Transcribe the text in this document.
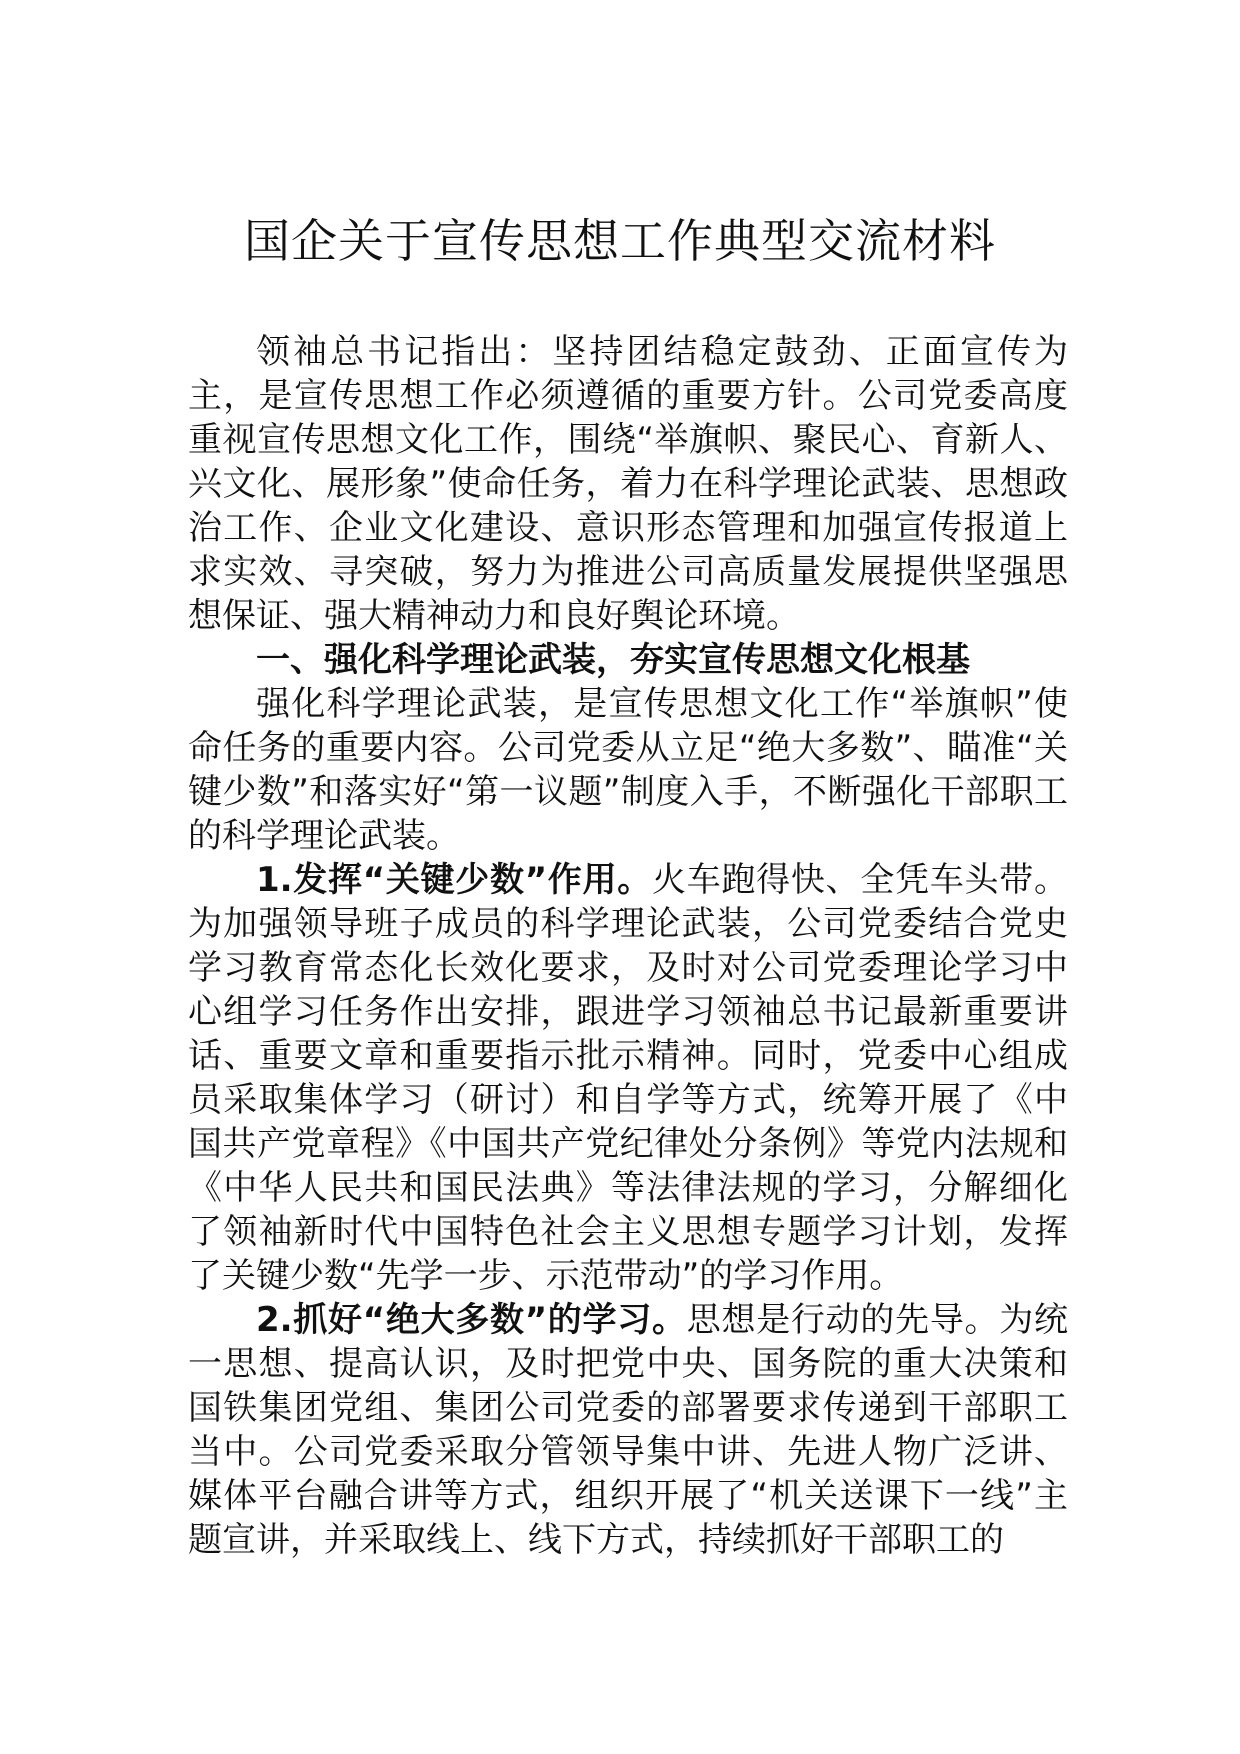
国企关于宣传思想工作典型交流材料

领袖总书记指出：坚持团结稳定鼓劲、正面宣传为主，是宣传思想工作必须遵循的重要方针。公司党委高度重视宣传思想文化工作，围绕“举旗帜、聚民心、育新人、兴文化、展形象”使命任务，着力在科学理论武装、思想政治工作、企业文化建设、意识形态管理和加强宣传报道上求实效、寻突破，努力为推进公司高质量发展提供坚强思想保证、强大精神动力和良好舆论环境。

一、强化科学理论武装，夯实宣传思想文化根基

强化科学理论武装，是宣传思想文化工作“举旗帜”使命任务的重要内容。公司党委从立足“绝大多数”、瞄准“关键少数”和落实好“第一议题”制度入手，不断强化干部职工的科学理论武装。

1.发挥“关键少数”作用。火车跑得快、全凭车头带。为加强领导班子成员的科学理论武装，公司党委结合党史学习教育常态化长效化要求，及时对公司党委理论学习中心组学习任务作出安排，跟进学习领袖总书记最新重要讲话、重要文章和重要指示批示精神。同时，党委中心组成员采取集体学习（研讨）和自学等方式，统筹开展了《中国共产党章程》《中国共产党纪律处分条例》等党内法规和《中华人民共和国民法典》等法律法规的学习，分解细化了领袖新时代中国特色社会主义思想专题学习计划，发挥了关键少数“先学一步、示范带动”的学习作用。

2.抓好“绝大多数”的学习。思想是行动的先导。为统一思想、提高认识，及时把党中央、国务院的重大决策和国铁集团党组、集团公司党委的部署要求传递到干部职工当中。公司党委采取分管领导集中讲、先进人物广泛讲、媒体平台融合讲等方式，组织开展了“机关送课下一线”主题宣讲，并采取线上、线下方式，持续抓好干部职工的
